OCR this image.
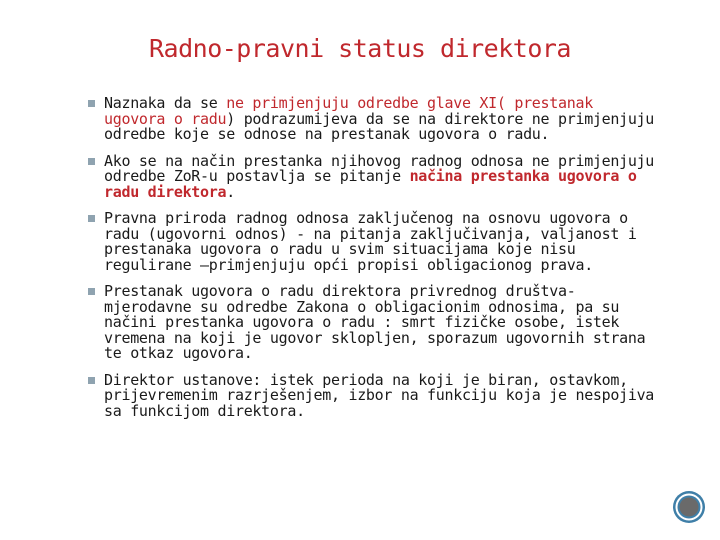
Radno-pravni status direktora
Naznaka da se ne primjenjuju odredbe glave XI( prestanak ugovora o radu) podrazumijeva da se na direktore ne primjenjuju odredbe koje se odnose na prestanak ugovora o radu.
Ako se na način prestanka njihovog radnog odnosa ne primjenjuju odredbe ZoR-u postavlja se pitanje načina prestanka ugovora o radu direktora.
Pravna priroda radnog odnosa zaključenog na osnovu ugovora o radu (ugovorni odnos) - na pitanja zaključivanja, valjanost i prestanaka ugovora o radu u svim situacijama koje nisu regulirane –primjenjuju opći propisi obligacionog prava.
Prestanak ugovora o radu direktora privrednog društva- mjerodavne su odredbe Zakona o obligacionim odnosima, pa su načini prestanka ugovora o radu : smrt fizičke osobe, istek vremena na koji je ugovor sklopljen, sporazum ugovornih strana te otkaz ugovora.
Direktor ustanove: istek perioda na koji je biran, ostavkom, prijevremenim razrješenjem, izbor na funkciju koja je nespojiva sa funkcijom direktora.
